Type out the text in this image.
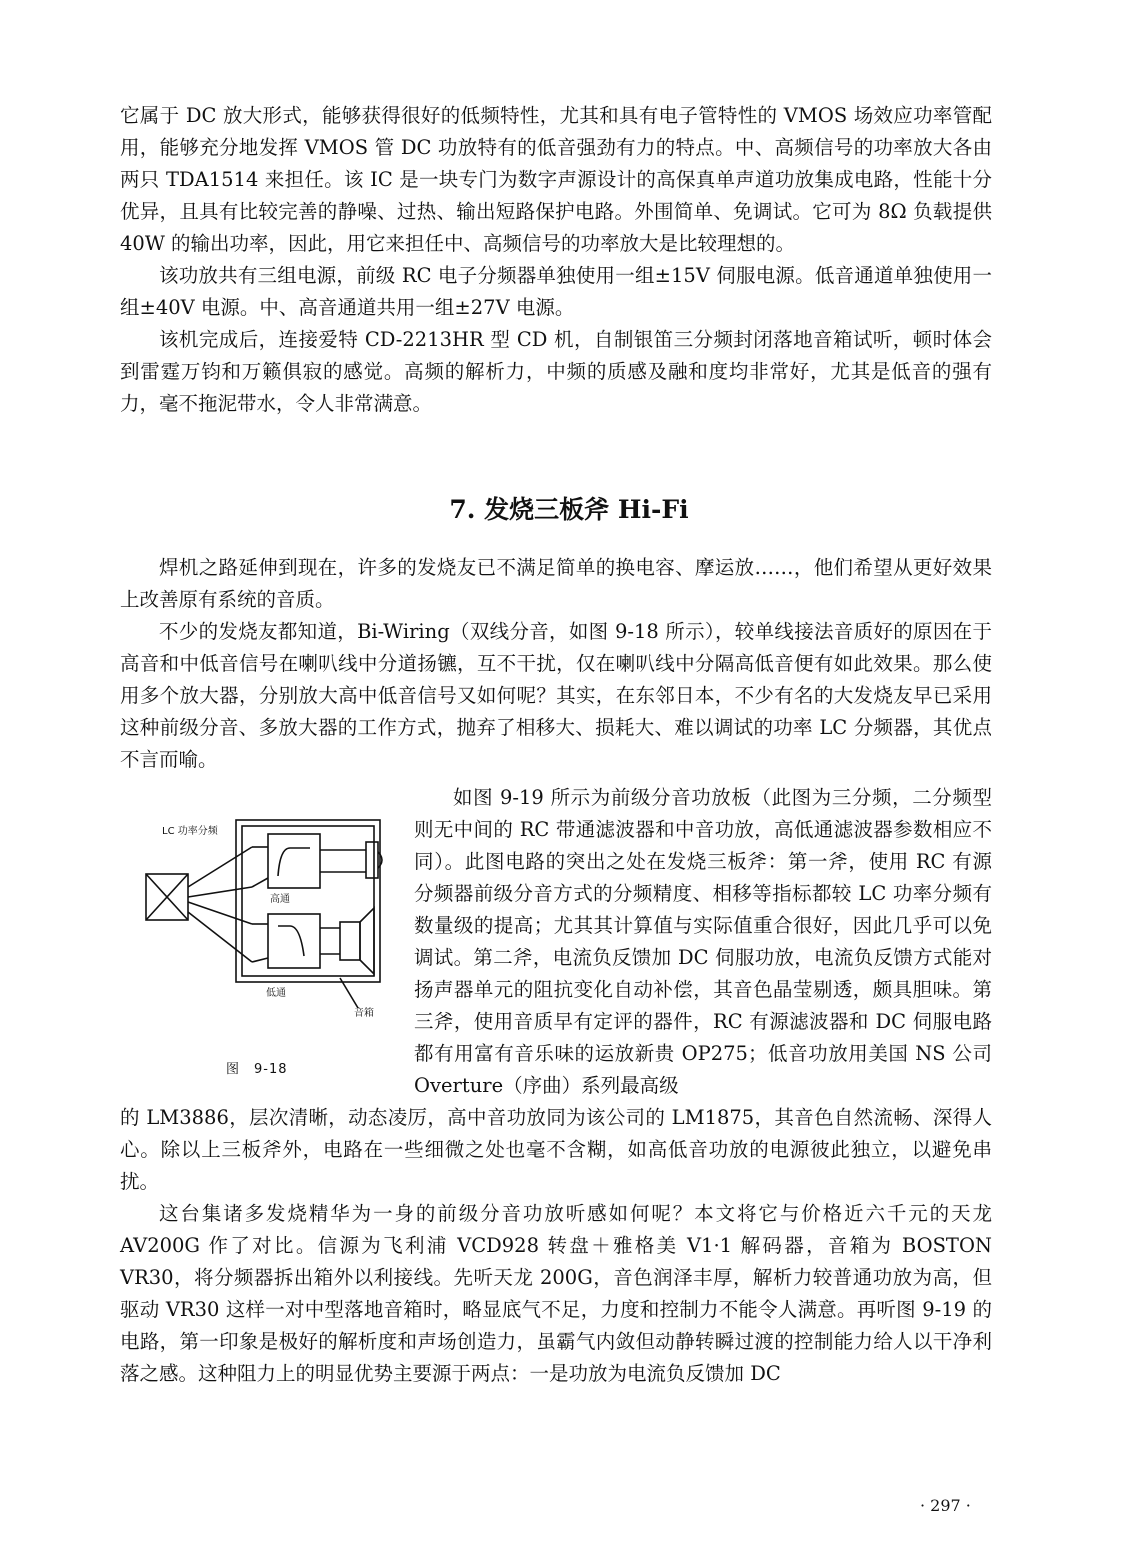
它属于 DC 放大形式，能够获得很好的低频特性，尤其和具有电子管特性的 VMOS 场效应功率管配用，能够充分地发挥 VMOS 管 DC 功放特有的低音强劲有力的特点。中、高频信号的功率放大各由两只 TDA1514 来担任。该 IC 是一块专门为数字声源设计的高保真单声道功放集成电路，性能十分优异，且具有比较完善的静噪、过热、输出短路保护电路。外围简单、免调试。它可为 8Ω 负载提供 40W 的输出功率，因此，用它来担任中、高频信号的功率放大是比较理想的。

该功放共有三组电源，前级 RC 电子分频器单独使用一组±15V 伺服电源。低音通道单独使用一组±40V 电源。中、高音通道共用一组±27V 电源。

该机完成后，连接爱特 CD-2213HR 型 CD 机，自制银笛三分频封闭落地音箱试听，顿时体会到雷霆万钧和万籁俱寂的感觉。高频的解析力，中频的质感及融和度均非常好，尤其是低音的强有力，毫不拖泥带水，令人非常满意。

7. 发烧三板斧 Hi-Fi

焊机之路延伸到现在，许多的发烧友已不满足简单的换电容、摩运放……，他们希望从更好效果上改善原有系统的音质。

不少的发烧友都知道，Bi-Wiring（双线分音，如图 9-18 所示），较单线接法音质好的原因在于高音和中低音信号在喇叭线中分道扬镳，互不干扰，仅在喇叭线中分隔高低音便有如此效果。那么使用多个放大器，分别放大高中低音信号又如何呢？其实，在东邻日本，不少有名的大发烧友早已采用这种前级分音、多放大器的工作方式，抛弃了相移大、损耗大、难以调试的功率 LC 分频器，其优点不言而喻。

LC 功率分频
高通
低通
音箱
图　9-18

如图 9-19 所示为前级分音功放板（此图为三分频，二分频型则无中间的 RC 带通滤波器和中音功放，高低通滤波器参数相应不同）。此图电路的突出之处在发烧三板斧：第一斧，使用 RC 有源分频器前级分音方式的分频精度、相移等指标都较 LC 功率分频有数量级的提高；尤其其计算值与实际值重合很好，因此几乎可以免调试。第二斧，电流负反馈加 DC 伺服功放，电流负反馈方式能对扬声器单元的阻抗变化自动补偿，其音色晶莹剔透，颇具胆味。第三斧，使用音质早有定评的器件，RC 有源滤波器和 DC 伺服电路都有用富有音乐味的运放新贵 OP275；低音功放用美国 NS 公司 Overture（序曲）系列最高级

的 LM3886，层次清晰，动态凌厉，高中音功放同为该公司的 LM1875，其音色自然流畅、深得人心。除以上三板斧外，电路在一些细微之处也毫不含糊，如高低音功放的电源彼此独立，以避免串扰。

这台集诸多发烧精华为一身的前级分音功放听感如何呢？本文将它与价格近六千元的天龙 AV200G 作了对比。信源为飞利浦 VCD928 转盘＋雅格美 V1·1 解码器，音箱为 BOSTON VR30，将分频器拆出箱外以利接线。先听天龙 200G，音色润泽丰厚，解析力较普通功放为高，但驱动 VR30 这样一对中型落地音箱时，略显底气不足，力度和控制力不能令人满意。再听图 9-19 的电路，第一印象是极好的解析度和声场创造力，虽霸气内敛但动静转瞬过渡的控制能力给人以干净利落之感。这种阻力上的明显优势主要源于两点：一是功放为电流负反馈加 DC

· 297 ·
